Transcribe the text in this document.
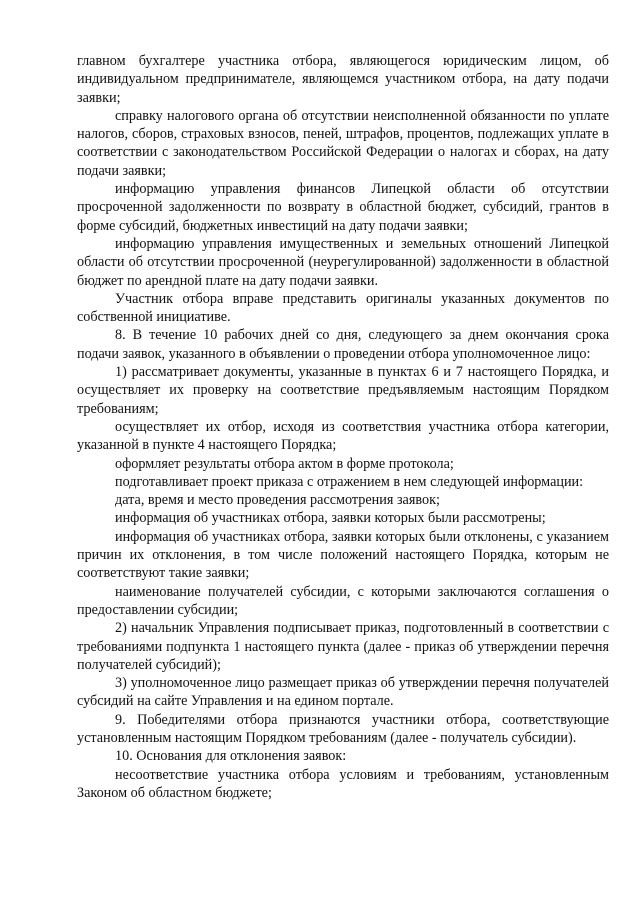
главном бухгалтере участника отбора, являющегося юридическим лицом, об индивидуальном предпринимателе, являющемся участником отбора, на дату подачи заявки;

справку налогового органа об отсутствии неисполненной обязанности по уплате налогов, сборов, страховых взносов, пеней, штрафов, процентов, подлежащих уплате в соответствии с законодательством Российской Федерации о налогах и сборах, на дату подачи заявки;

информацию управления финансов Липецкой области об отсутствии просроченной задолженности по возврату в областной бюджет, субсидий, грантов в форме субсидий, бюджетных инвестиций на дату подачи заявки;

информацию управления имущественных и земельных отношений Липецкой области об отсутствии просроченной (неурегулированной) задолженности в областной бюджет по арендной плате на дату подачи заявки.

Участник отбора вправе представить оригиналы указанных документов по собственной инициативе.

8. В течение 10 рабочих дней со дня, следующего за днем окончания срока подачи заявок, указанного в объявлении о проведении отбора уполномоченное лицо:

1) рассматривает документы, указанные в пунктах 6 и 7 настоящего Порядка, и осуществляет их проверку на соответствие предъявляемым настоящим Порядком требованиям;

осуществляет их отбор, исходя из соответствия участника отбора категории, указанной в пункте 4 настоящего Порядка;

оформляет результаты отбора актом в форме протокола;

подготавливает проект приказа с отражением в нем следующей информации:

дата, время и место проведения рассмотрения заявок;

информация об участниках отбора, заявки которых были рассмотрены;

информация об участниках отбора, заявки которых были отклонены, с указанием причин их отклонения, в том числе положений настоящего Порядка, которым не соответствуют такие заявки;

наименование получателей субсидии, с которыми заключаются соглашения о предоставлении субсидии;

2) начальник Управления подписывает приказ, подготовленный в соответствии с требованиями подпункта 1 настоящего пункта (далее - приказ об утверждении перечня получателей субсидий);

3) уполномоченное лицо размещает приказ об утверждении перечня получателей субсидий на сайте Управления и на едином портале.

9. Победителями отбора признаются участники отбора, соответствующие установленным настоящим Порядком требованиям (далее - получатель субсидии).

10. Основания для отклонения заявок:

несоответствие участника отбора условиям и требованиям, установленным Законом об областном бюджете;
